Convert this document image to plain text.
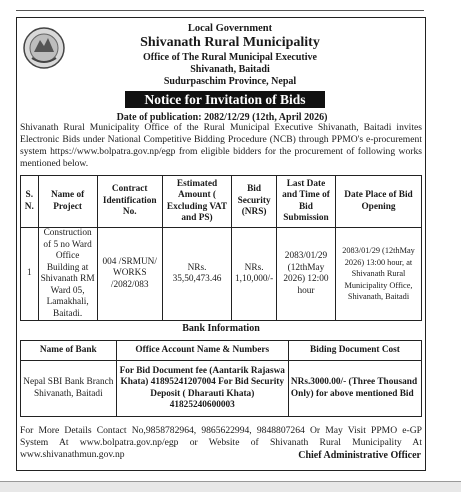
Local Government
Shivanath Rural Municipality
Office of The Rural Municipal Executive
Shivanath, Baitadi
Sudurpaschim Province, Nepal
Notice for Invitation of Bids
Date of publication: 2082/12/29 (12th, April 2026)
Shivanath Rural Municipality Office of the Rural Municipal Executive Shivanath, Baitadi invites Electronic Bids under National Competitive Bidding Procedure (NCB) through PPMO's e-procurement system https://www.bolpatra.gov.np/egp from eligible bidders for the procurement of following works mentioned below.
S. N.	Name of Project	Contract Identification No.	Estimated Amount ( Excluding VAT and PS)	Bid Security (NRS)	Last Date and Time of Bid Submission	Date Place of Bid Opening
1	Construction of 5 no Ward Office Building at Shivanath RM Ward 05, Lamakhali, Baitadi.	004 /SRMUN/ WORKS /2082/083	NRs. 35,50,473.46	NRs. 1,10,000/-	2083/01/29 (12thMay 2026) 12:00 hour	2083/01/29 (12thMay 2026) 13:00 hour, at Shivanath Rural Municipality Office, Shivanath, Baitadi
Bank Information
Name of Bank	Office Account Name & Numbers	Biding Document Cost
Nepal SBI Bank Branch Shivanath, Baitadi	For Bid Document fee (Aantarik Rajaswa Khata) 41895241207004 For Bid Security Deposit ( Dharauti Khata) 41825240600003	NRs.3000.00/- (Three Thousand Only) for above mentioned Bid
For More Details Contact No,9858782964, 9865622994, 9848807264 Or May Visit PPMO e-GP System At www.bolpatra.gov.np/egp or Website of Shivanath Rural Municipality At www.shivanathmun.gov.np	Chief Administrative Officer
